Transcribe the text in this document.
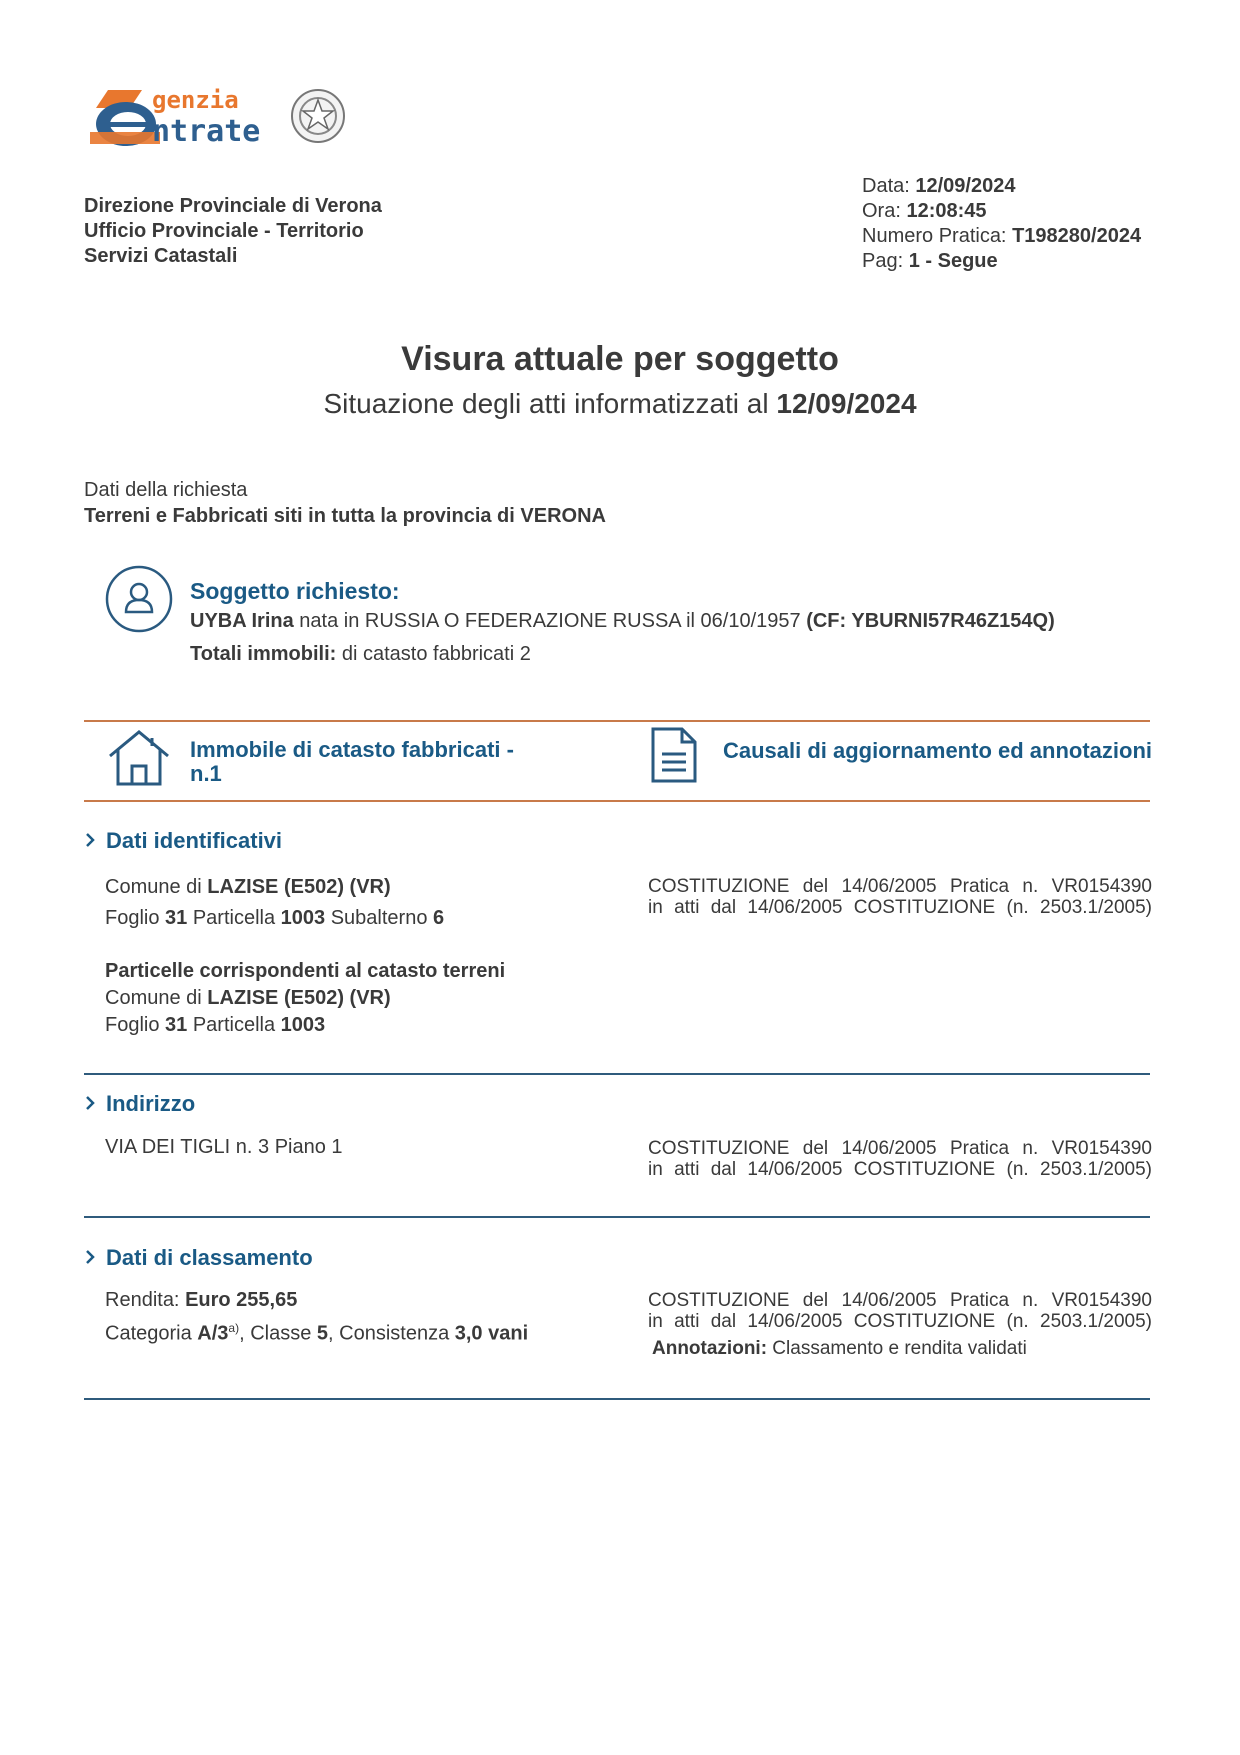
genzia
ntrate
Direzione Provinciale di Verona
Ufficio Provinciale - Territorio
Servizi Catastali
Data: 12/09/2024
Ora: 12:08:45
Numero Pratica: T198280/2024
Pag: 1 - Segue
Visura attuale per soggetto
Situazione degli atti informatizzati al 12/09/2024
Dati della richiesta
Terreni e Fabbricati siti in tutta la provincia di VERONA
Soggetto richiesto:
UYBA Irina nata in RUSSIA O FEDERAZIONE RUSSA il 06/10/1957 (CF: YBURNI57R46Z154Q)
Totali immobili: di catasto fabbricati 2
Immobile di catasto fabbricati -
n.1
Causali di aggiornamento ed annotazioni
Dati identificativi
Comune di LAZISE (E502) (VR)
Foglio 31 Particella 1003 Subalterno 6
Particelle corrispondenti al catasto terreni
Comune di LAZISE (E502) (VR)
Foglio 31 Particella 1003
COSTITUZIONE del 14/06/2005 Pratica n. VR0154390
in atti dal 14/06/2005 COSTITUZIONE (n. 2503.1/2005)
Indirizzo
VIA DEI TIGLI n. 3 Piano 1	COSTITUZIONE del 14/06/2005 Pratica n. VR0154390
in atti dal 14/06/2005 COSTITUZIONE (n. 2503.1/2005)
Dati di classamento
Rendita: Euro 255,65
Categoria A/3$^{a)}$, Classe 5, Consistenza 3,0 vani
COSTITUZIONE del 14/06/2005 Pratica n. VR0154390
in atti dal 14/06/2005 COSTITUZIONE (n. 2503.1/2005)
Annotazioni: Classamento e rendita validati
